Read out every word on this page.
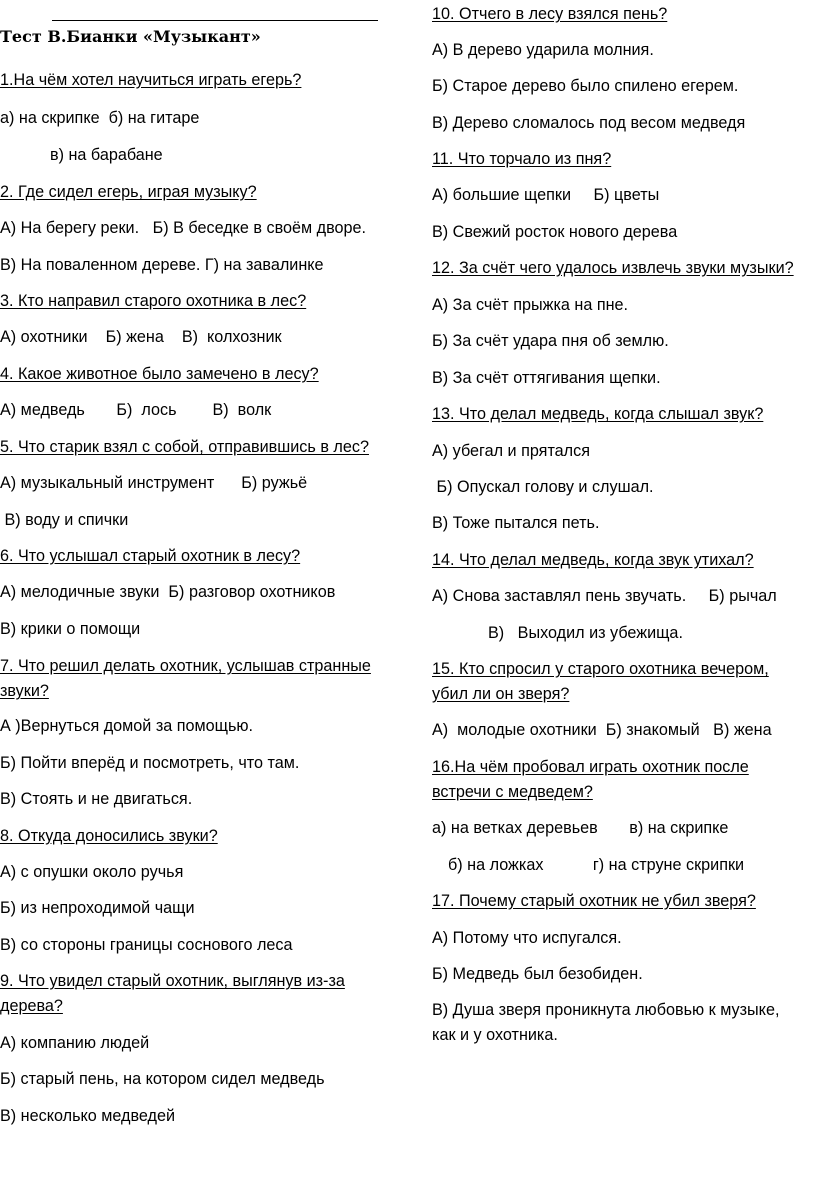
Тест В.Бианки «Музыкант»
1.На чём хотел научиться играть егерь?
а) на скрипке  б) на гитаре
в) на барабане
2. Где сидел егерь, играя музыку?
А) На берегу реки.   Б) В беседке в своём дворе.
В) На поваленном дереве. Г) на завалинке
3. Кто направил старого охотника в лес?
А) охотники    Б) жена    В)  колхозник
4. Какое животное было замечено в лесу?
А) медведь       Б)  лось        В)  волк
5. Что старик взял с собой, отправившись в лес?
А) музыкальный инструмент      Б) ружьё
В) воду и спички
6. Что услышал старый охотник в лесу?
А) мелодичные звуки  Б) разговор охотников
В) крики о помощи
7. Что решил делать охотник, услышав странные
звуки?
А )Вернуться домой за помощью.
Б) Пойти вперёд и посмотреть, что там.
В) Стоять и не двигаться.
8. Откуда доносились звуки?
А) с опушки около ручья
Б) из непроходимой чащи
В) со стороны границы соснового леса
9. Что увидел старый охотник, выглянув из-за
дерева?
А) компанию людей
Б) старый пень, на котором сидел медведь
В) несколько медведей
10. Отчего в лесу взялся пень?
А) В дерево ударила молния.
Б) Старое дерево было спилено егерем.
В) Дерево сломалось под весом медведя
11. Что торчало из пня?
А) большие щепки     Б) цветы
В) Свежий росток нового дерева
12. За счёт чего удалось извлечь звуки музыки?
А) За счёт прыжка на пне.
Б) За счёт удара пня об землю.
В) За счёт оттягивания щепки.
13. Что делал медведь, когда слышал звук?
А) убегал и прятался
Б) Опускал голову и слушал.
В) Тоже пытался петь.
14. Что делал медведь, когда звук утихал?
А) Снова заставлял пень звучать.     Б) рычал
В)   Выходил из убежища.
15. Кто спросил у старого охотника вечером,
убил ли он зверя?
А)  молодые охотники  Б) знакомый   В) жена
16.На чём пробовал играть охотник после
встречи с медведем?
а) на ветках деревьев       в) на скрипке
б) на ложках           г) на струне скрипки
17. Почему старый охотник не убил зверя?
А) Потому что испугался.
Б) Медведь был безобиден.
В) Душа зверя проникнута любовью к музыке,
как и у охотника.
